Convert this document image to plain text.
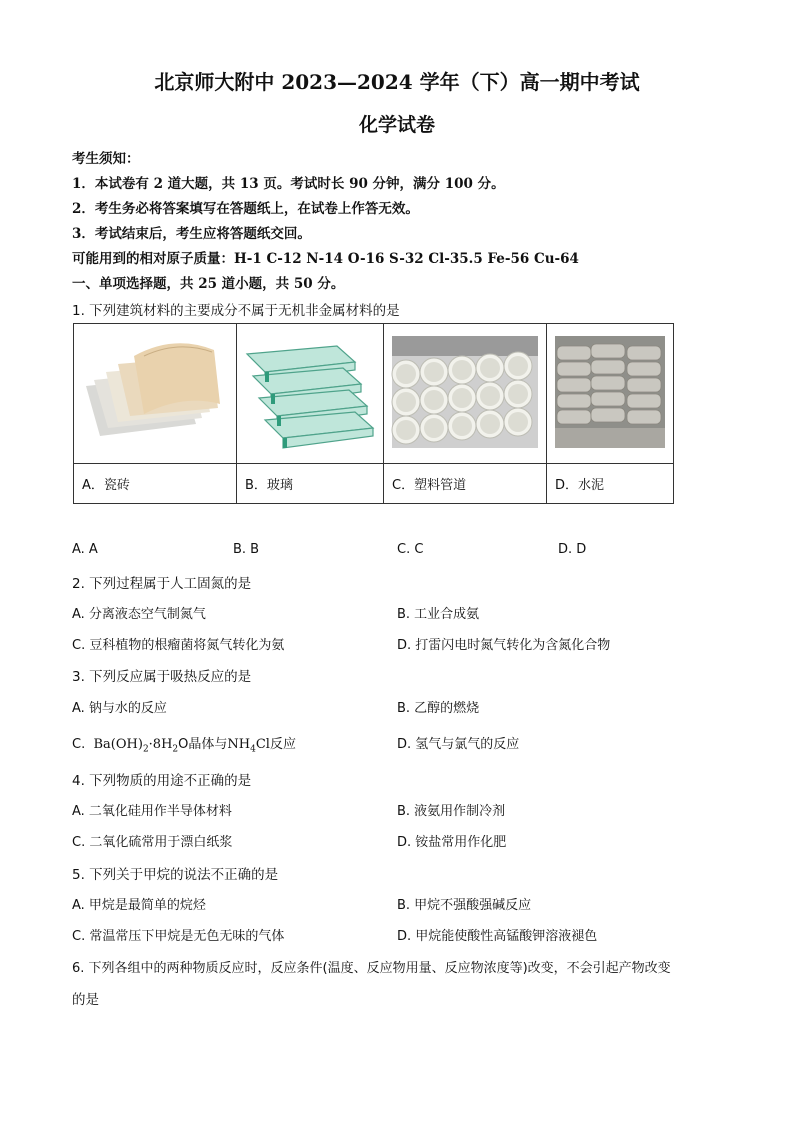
北京师大附中 2023—2024 学年（下）高一期中考试
化学试卷
考生须知：
1．本试卷有 2 道大题，共 13 页。考试时长 90 分钟，满分 100 分。
2．考生务必将答案填写在答题纸上，在试卷上作答无效。
3．考试结束后，考生应将答题纸交回。
可能用到的相对原子质量：H-1 C-12 N-14 O-16 S-32 Cl-35.5 Fe-56 Cu-64
一、单项选择题，共 25 道小题，共 50 分。
1. 下列建筑材料的主要成分不属于无机非金属材料的是

A．瓷砖	B．玻璃	C．塑料管道	D．水泥
A. A	B. B	C. C	D. D
2. 下列过程属于人工固氮的是
A. 分离液态空气制氮气	B. 工业合成氨
C. 豆科植物的根瘤菌将氮气转化为氨	D. 打雷闪电时氮气转化为含氮化合物
3. 下列反应属于吸热反应的是
A. 钠与水的反应	B. 乙醇的燃烧
C. $Ba(OH)_2\cdot 8H_2O$晶体与$NH_4Cl$反应	D. 氢气与氯气的反应
4. 下列物质的用途不正确的是
A. 二氧化硅用作半导体材料	B. 液氨用作制冷剂
C. 二氧化硫常用于漂白纸浆	D. 铵盐常用作化肥
5. 下列关于甲烷的说法不正确的是
A. 甲烷是最简单的烷烃	B. 甲烷不强酸强碱反应
C. 常温常压下甲烷是无色无味的气体	D. 甲烷能使酸性高锰酸钾溶液褪色
6. 下列各组中的两种物质反应时，反应条件(温度、反应物用量、反应物浓度等)改变，不会引起产物改变
的是
